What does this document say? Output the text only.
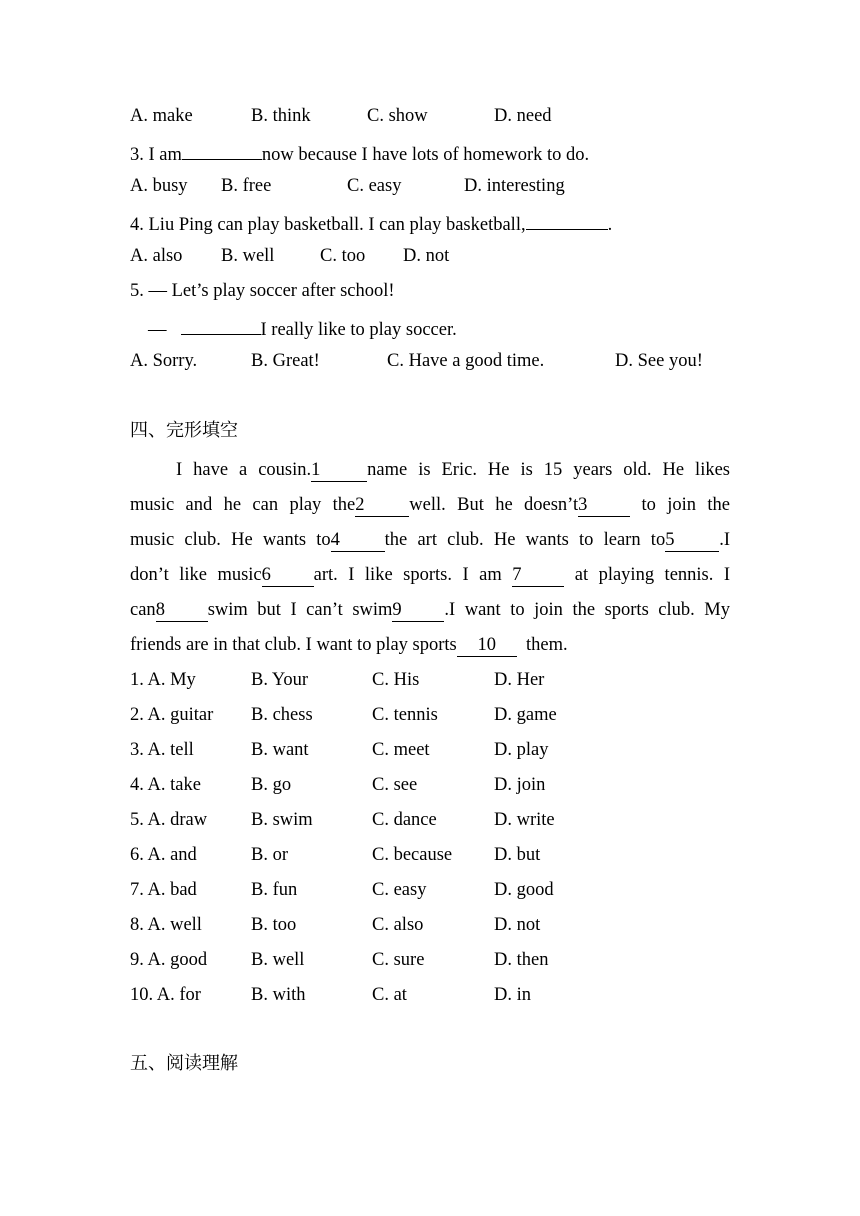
A. make	B. think	C. show	D. need
3. I am	now because I have lots of homework to do.
A. busy B. free	C. easy	D. interesting
4. Liu Ping can play basketball. I can play basketball,	.
A. also B. well C. too D. not
5. — Let’s play soccer after school!
—	I really like to play soccer.
A. Sorry.	B. Great!	C. Have a good time.	D. See you!
四、完形填空
I have a cousin.1	name is Eric. He is 15 years old. He likes
music and he can play the2 well. But he doesn’t3	to join the
music club. He wants to4 the art club. He wants to learn to5 .I
don’t like music6 art. I like sports. I am 7	at playing tennis. I
can8 swim but I can’t swim9 .I want to join the sports club. My
friends are in that club. I want to play sports 10 them.
1. A. My	B. Your	C. His	D. Her
2. A. guitar B. chess	C. tennis	D. game
3. A. tell	B. want	C. meet	D. play
4. A. take	B. go	C. see	D. join
5. A. draw B. swim	C. dance	D. write
6. A. and	B. or	C. because D. but
7. A. bad	B. fun	C. easy	D. good
8. A. well	B. too	C. also	D. not
9. A. good B. well	C. sure	D. then
10. A. for	B. with	C. at	D. in
五、阅读理解
